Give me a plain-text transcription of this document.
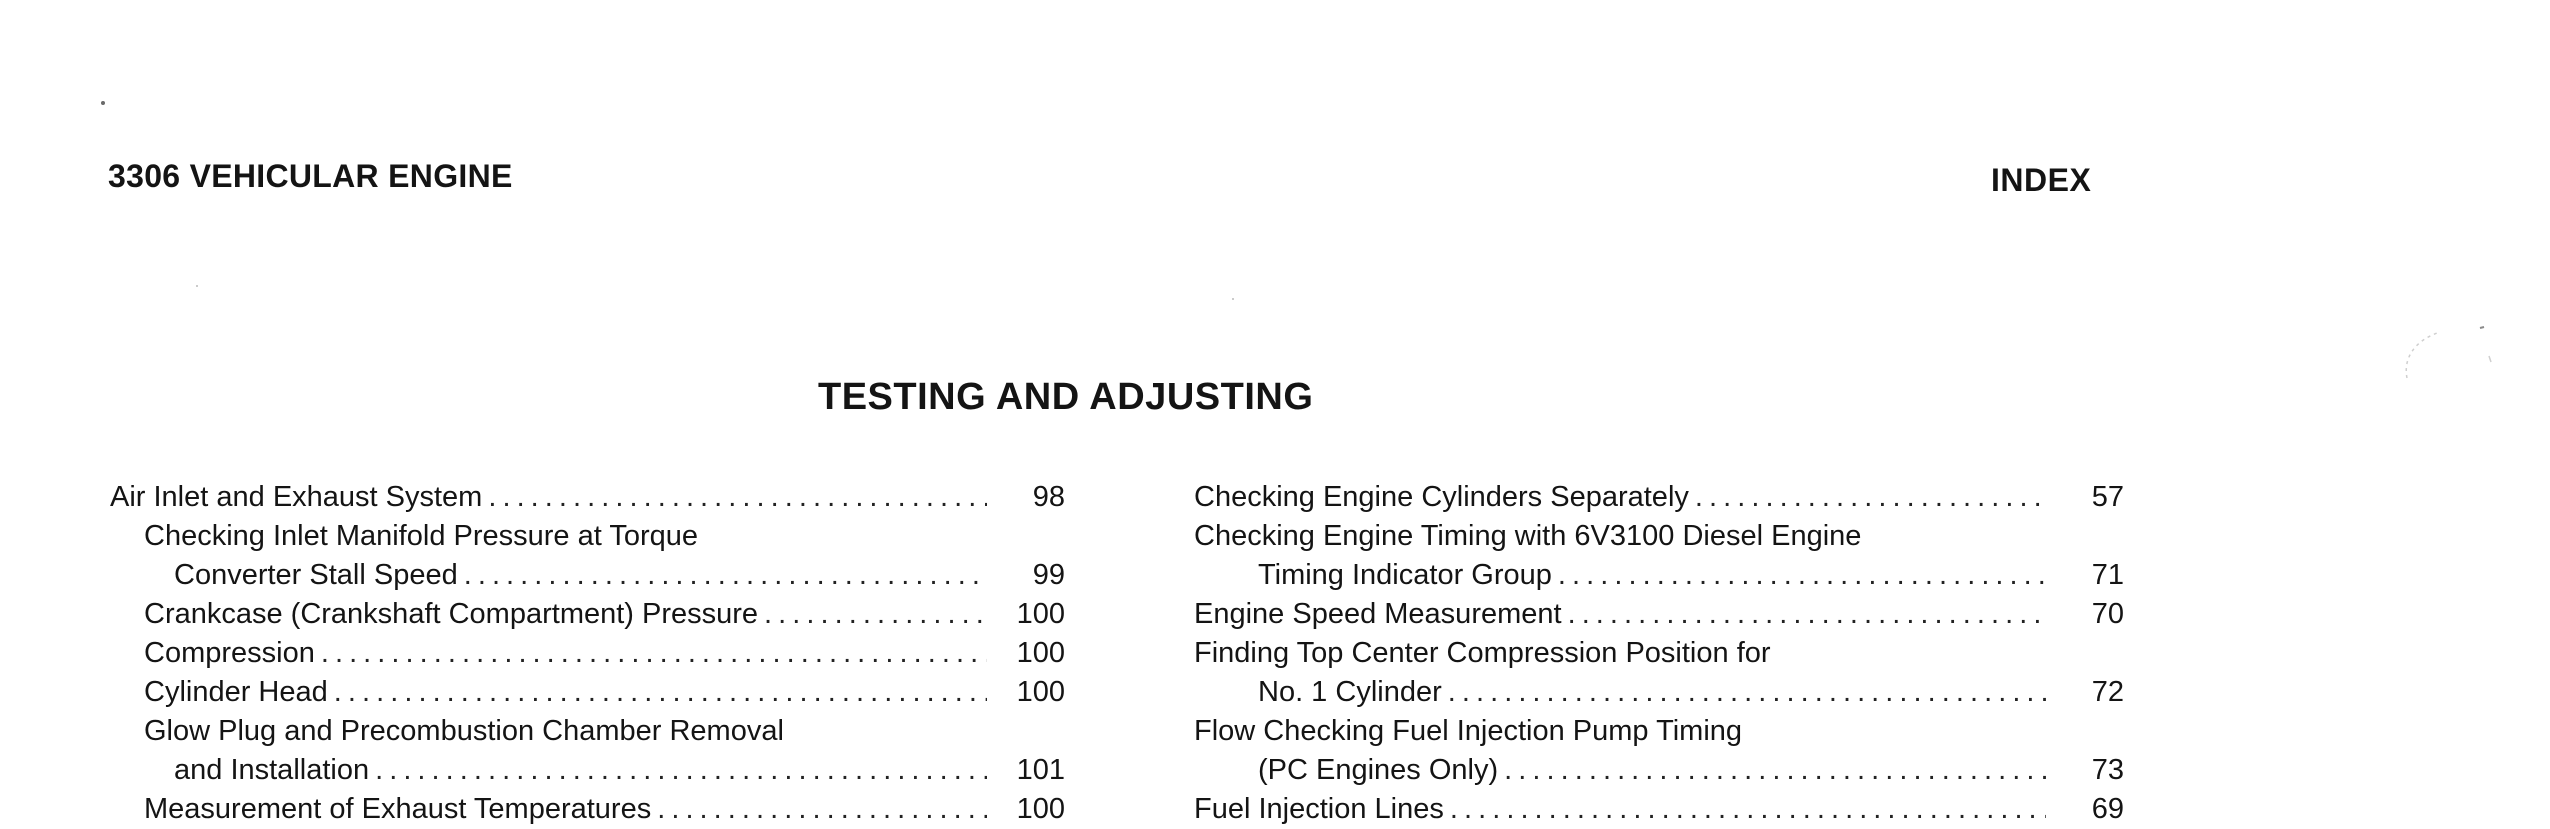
3306 VEHICULAR ENGINE	INDEX
TESTING AND ADJUSTING
Air Inlet and Exhaust System . . .	98
Checking Inlet Manifold Pressure at Torque
Converter Stall Speed . . .	99
Crankcase (Crankshaft Compartment) Pressure . . .	100
Compression . . .	100
Cylinder Head . . .	100
Glow Plug and Precombustion Chamber Removal
and Installation . . .	101
Measurement of Exhaust Temperatures . . .	100
Checking Engine Cylinders Separately . . .	57
Checking Engine Timing with 6V3100 Diesel Engine
Timing Indicator Group . . .	71
Engine Speed Measurement . . .	70
Finding Top Center Compression Position for
No. 1 Cylinder . . .	72
Flow Checking Fuel Injection Pump Timing
(PC Engines Only) . . .	73
Fuel Injection Lines . . .	69
